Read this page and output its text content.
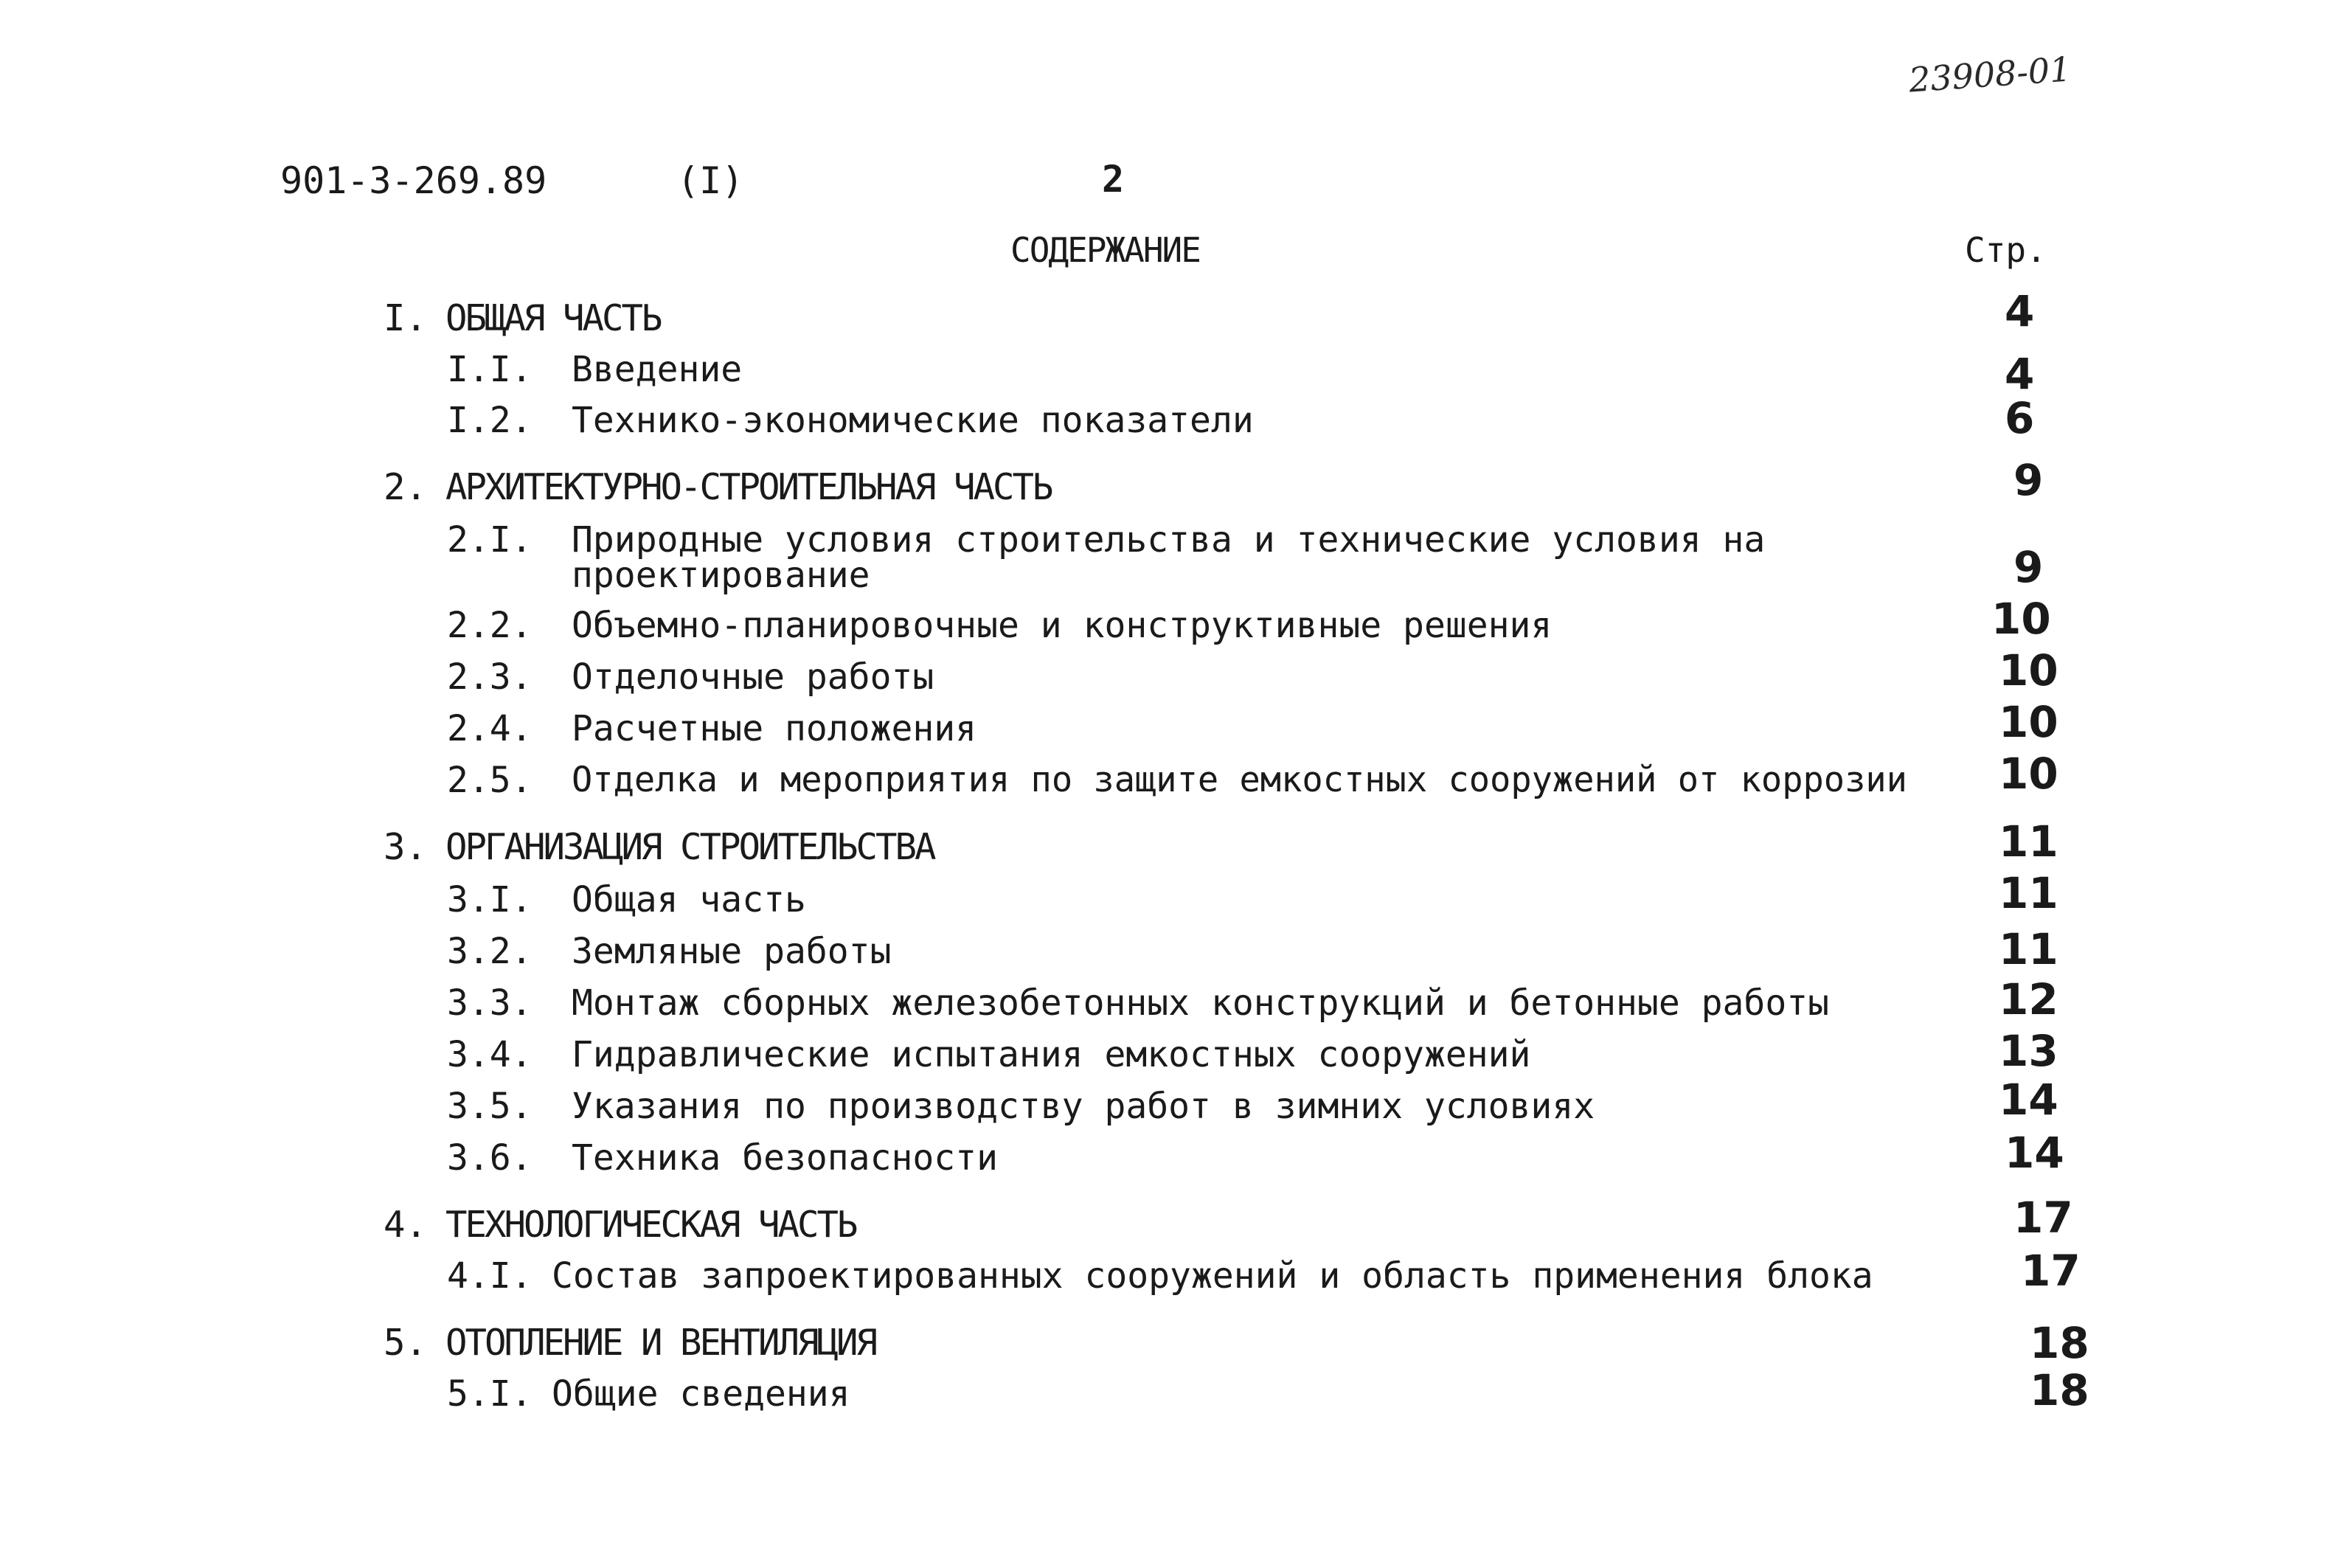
23908-01
901-3-269.89	(I)	2
СОДЕРЖАНИЕ	Стр.
I. ОБЩАЯ ЧАСТЬ	4
I.I. Введение	4
I.2. Технико-экономические показатели	6
2. АРХИТЕКТУРНО-СТРОИТЕЛЬНАЯ ЧАСТЬ	9
2.I. Природные условия строительства и технические условия на
проектирование	9
2.2. Объемно-планировочные и конструктивные решения	10
2.3. Отделочные работы	10
2.4. Расчетные положения	10
2.5. Отделка и мероприятия по защите емкостных сооружений от коррозии 10
3. ОРГАНИЗАЦИЯ СТРОИТЕЛЬСТВА	11
3.I. Общая часть	11
3.2. Земляные работы	11
3.3. Монтаж сборных железобетонных конструкций и бетонные работы	12
3.4. Гидравлические испытания емкостных сооружений	13
3.5. Указания по производству работ в зимних условиях	14
3.6. Техника безопасности	14
4. ТЕХНОЛОГИЧЕСКАЯ ЧАСТЬ	17
4.I. Состав запроектированных сооружений и область применения блока	17
5. ОТОПЛЕНИЕ И ВЕНТИЛЯЦИЯ	18
5.I. Общие сведения	18
